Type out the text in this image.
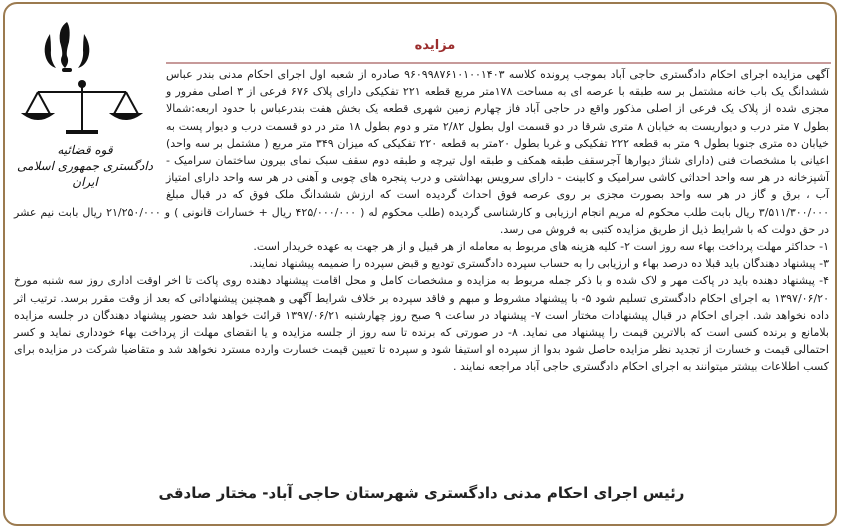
قوه قضائیه
دادگستری جمهوری اسلامی ایران
مزایده

آگهی مزایده اجرای احکام دادگستری حاجی آباد بموجب پرونده کلاسه ۹۶۰۹۹۸۷۶۱۰۱۰۰۱۴۰۳ صادره از شعبه اول اجرای احکام مدنی بندر عباس ششدانگ یک باب خانه مشتمل بر سه طبقه با عرصه ای به مساحت ۱۷۸متر مربع قطعه ۲۲۱ تفکیکی دارای پلاک ۶۷۶ فرعی از ۳ اصلی مفرور و مجزی شده از پلاک یک فرعی از اصلی مذکور واقع در حاجی آباد فاز چهارم زمین شهری قطعه یک بخش هفت بندرعباس با حدود اربعه:شمالا بطول ۷ متر درب و دیواریست به خیابان ۸ متری شرقا در دو قسمت اول بطول ۲/۸۲ متر و دوم بطول ۱۸ متر در دو قسمت درب و دیوار پست به خیابان ده متری جنوبا بطول ۹ متر به قطعه ۲۲۲ تفکیکی و غربا بطول ۲۰متر به قطعه ۲۲۰ تفکیکی که میزان ۳۴۹ متر مربع ( مشتمل بر سه واحد) اعیانی با مشخصات فنی (دارای شناژ دیوارها آجرسقف طبقه همکف و طبقه اول تیرچه و طبقه دوم سقف سبک نمای بیرون ساختمان سرامیک - آشپزخانه در هر سه واحد احداثی کاشی سرامیک و کابینت - دارای سرویس بهداشتی و درب پنجره های چوبی و آهنی در هر سه واحد دارای امتیاز آب ، برق و گاز در هر سه واحد بصورت مجزی بر روی عرصه فوق احداث گردیده است که ارزش ششدانگ ملک فوق که در قبال مبلغ ۳/۵۱۱/۳۰۰/۰۰۰ ریال بابت طلب محکوم له مریم انجام ارزیابی و کارشناسی گردیده (طلب محکوم له ( ۴۲۵/۰۰۰/۰۰۰ ریال + خسارات قانونی ) و ۲۱/۲۵۰/۰۰۰ ریال بابت نیم عشر در حق دولت که با شرایط ذیل از طریق مزایده کتبی به فروش می رسد.

۱- حداکثر مهلت پرداخت بهاء سه روز است ۲- کلیه هزینه های مربوط به معامله از هر قبیل و از هر جهت به عهده خریدار است.

۳- پیشنهاد دهندگان باید قبلا ده درصد بهاء و ارزیابی را به حساب سپرده دادگستری تودیع و قبض سپرده را ضمیمه پیشنهاد نمایند.

۴- پیشنهاد دهنده باید در پاکت مهر و لاک شده و با ذکر جمله مربوط به مزایده و مشخصات کامل و محل اقامت پیشنهاد دهنده روی پاکت تا اخر اوقت اداری روز سه شنبه مورخ ۱۳۹۷/۰۶/۲۰ به اجرای احکام دادگستری تسلیم شود ۵- با پیشنهاد مشروط و مبهم و فاقد سپرده بر خلاف شرایط آگهی و همچنین پیشنهاداتی که بعد از وقت مقرر برسد. ترتیب اثر داده نخواهد شد. اجرای احکام در قبال پیشنهادات مختار است ۷- پیشنهاد در ساعت ۹ صبح روز چهارشنبه ۱۳۹۷/۰۶/۲۱ قرائت خواهد شد حضور پیشنهاد دهندگان در جلسه مزایده بلامانع و برنده کسی است که بالاترین قیمت را پیشنهاد می نماید. ۸- در صورتی که برنده تا سه روز از جلسه مزایده و یا انقضای مهلت از پرداخت بهاء خودداری نماید و کسر احتمالی قیمت و خسارت از تجدید نظر مزایده حاصل شود بدوا از سپرده او استیفا شود و سپرده تا تعیین قیمت خسارت وارده مسترد نخواهد شد و متقاضیا شرکت در مزایده برای کسب اطلاعات بیشتر میتوانند به اجرای احکام دادگستری حاجی آباد مراجعه نمایند .

رئیس اجرای احکام مدنی دادگستری شهرستان حاجی آباد- مختار صادقی
